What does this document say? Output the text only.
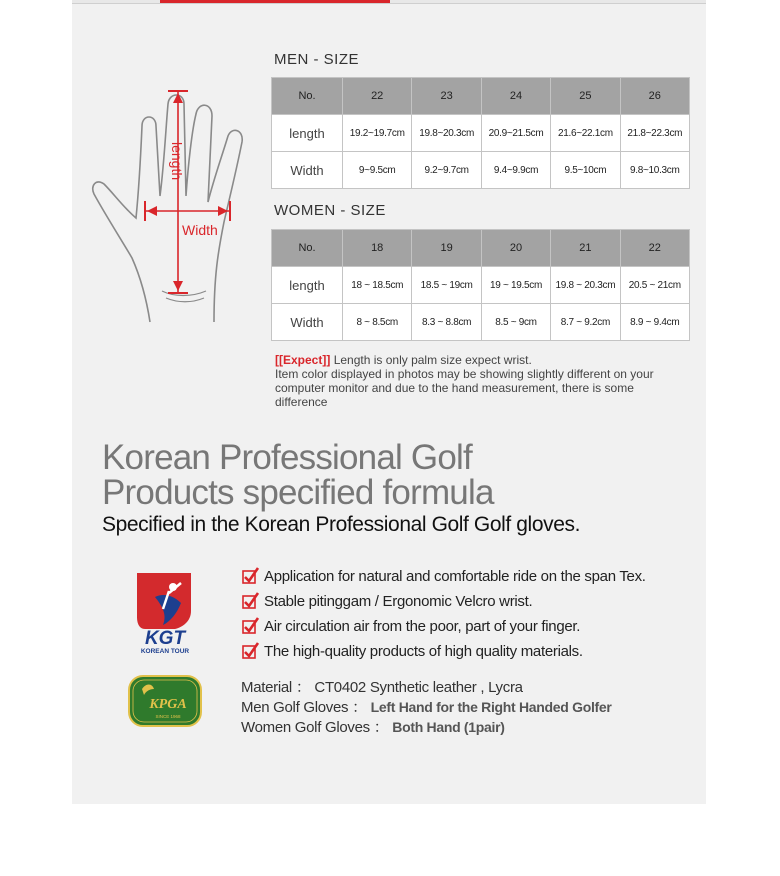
length
Width
MEN - SIZE
No.	22	23	24	25	26
length	19.2~19.7cm	19.8~20.3cm	20.9~21.5cm	21.6~22.1cm	21.8~22.3cm
Width	9~9.5cm	9.2~9.7cm	9.4~9.9cm	9.5~10cm	9.8~10.3cm
WOMEN - SIZE
No.	18	19	20	21	22
length	18 ~ 18.5cm	18.5 ~ 19cm	19 ~ 19.5cm	19.8 ~ 20.3cm	20.5 ~ 21cm
Width	8 ~ 8.5cm	8.3 ~ 8.8cm	8.5 ~ 9cm	8.7 ~ 9.2cm	8.9 ~ 9.4cm
[[Expect]] Length is only palm size expect wrist.
Item color displayed in photos may be showing slightly different on your computer monitor and due to the hand measurement, there is some difference
Korean Professional Golf
Products specified formula
Specified in the Korean Professional Golf Golf gloves.
KGT
KOREAN TOUR
KPGA
SINCE 1968
Application for natural and comfortable ride on the span Tex.
Stable pitinggam / Ergonomic Velcro wrist.
Air circulation air from the poor, part of your finger.
The high-quality products of high quality materials.
Material ： CT0402 Synthetic leather , Lycra
Men Golf Gloves ： Left Hand for the Right Handed Golfer
Women Golf Gloves ： Both Hand (1pair)
